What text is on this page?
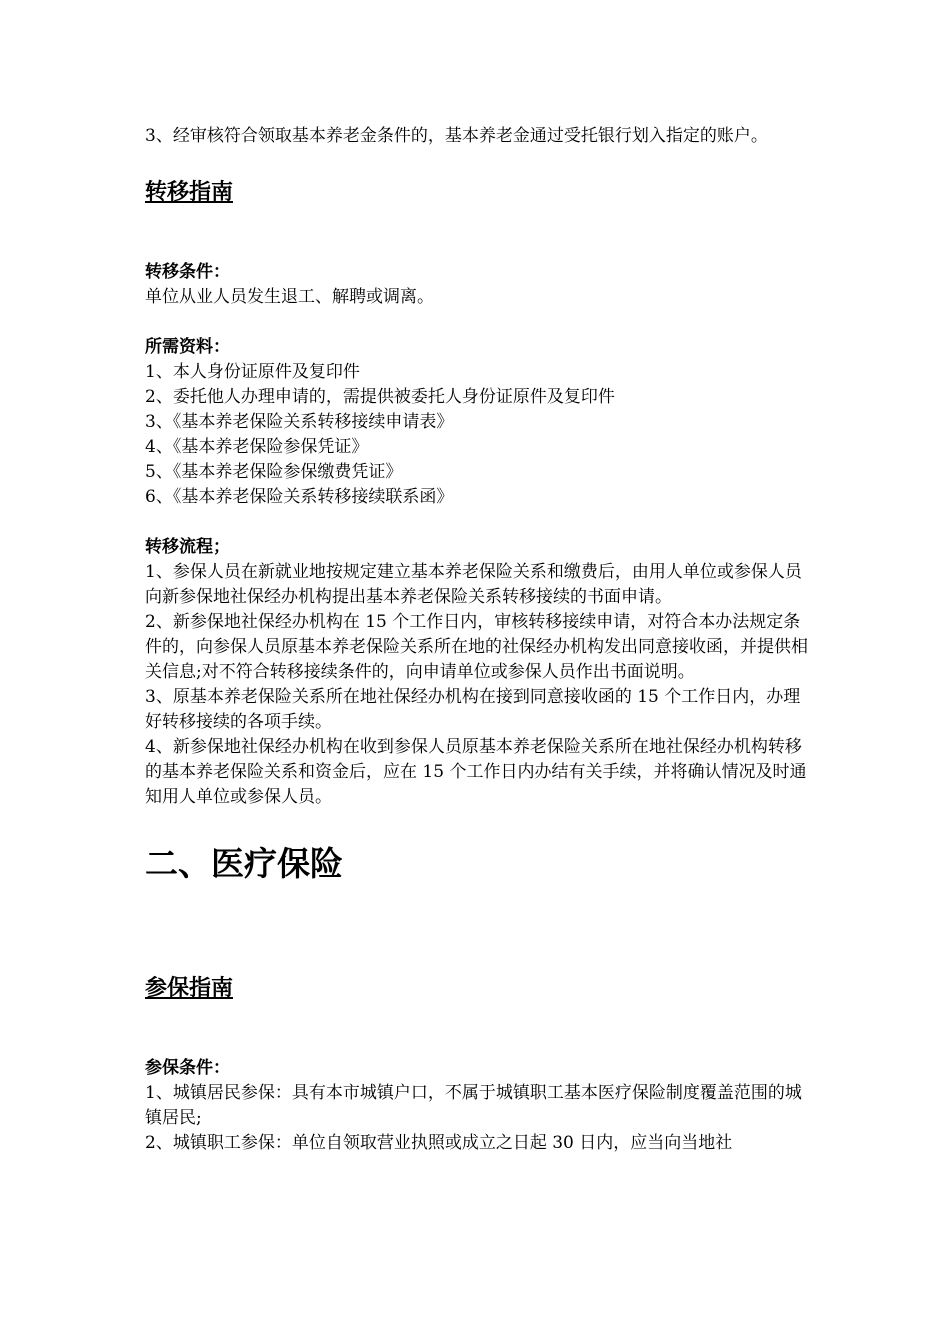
3、经审核符合领取基本养老金条件的，基本养老金通过受托银行划入指定的账户。

转移指南

转移条件：

单位从业人员发生退工、解聘或调离。

所需资料：

1、本人身份证原件及复印件

2、委托他人办理申请的，需提供被委托人身份证原件及复印件

3、《基本养老保险关系转移接续申请表》

4、《基本养老保险参保凭证》

5、《基本养老保险参保缴费凭证》

6、《基本养老保险关系转移接续联系函》

转移流程；

1、参保人员在新就业地按规定建立基本养老保险关系和缴费后，由用人单位或参保人员向新参保地社保经办机构提出基本养老保险关系转移接续的书面申请。

2、新参保地社保经办机构在 15 个工作日内，审核转移接续申请，对符合本办法规定条件的，向参保人员原基本养老保险关系所在地的社保经办机构发出同意接收函，并提供相关信息;对不符合转移接续条件的，向申请单位或参保人员作出书面说明。

3、原基本养老保险关系所在地社保经办机构在接到同意接收函的 15 个工作日内，办理好转移接续的各项手续。

4、新参保地社保经办机构在收到参保人员原基本养老保险关系所在地社保经办机构转移的基本养老保险关系和资金后，应在 15 个工作日内办结有关手续，并将确认情况及时通知用人单位或参保人员。

二、医疗保险
参保指南

参保条件：

1、城镇居民参保：具有本市城镇户口，不属于城镇职工基本医疗保险制度覆盖范围的城镇居民;

2、城镇职工参保：单位自领取营业执照或成立之日起 30 日内，应当向当地社
